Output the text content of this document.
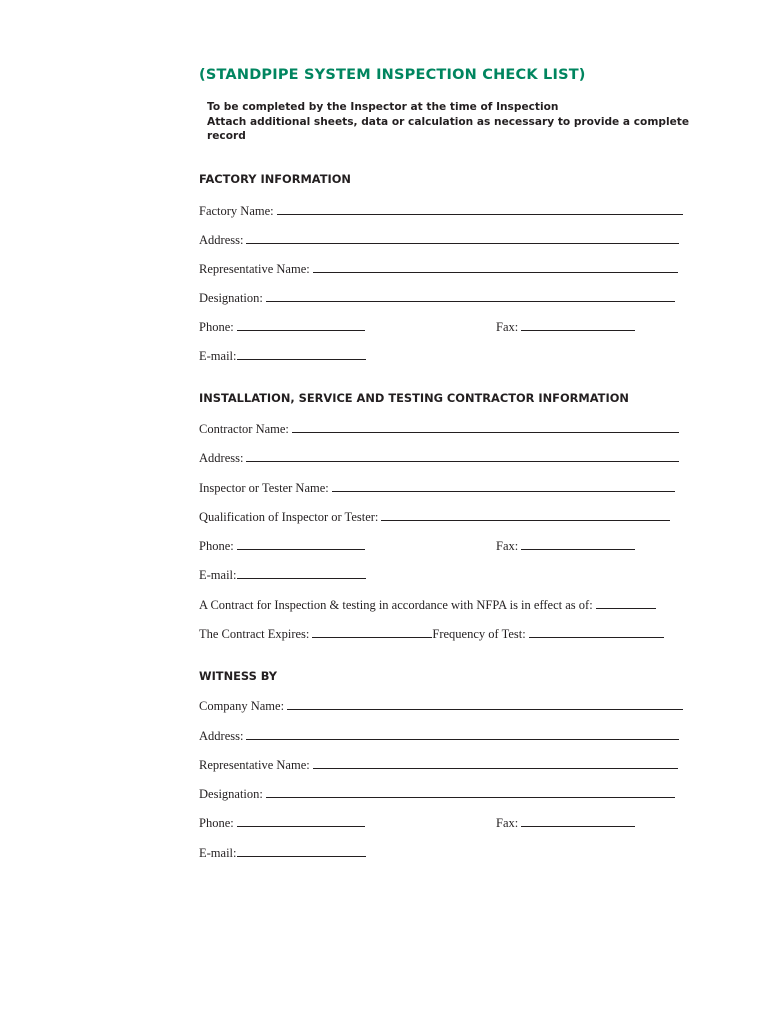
(STANDPIPE SYSTEM INSPECTION CHECK LIST)
To be completed by the Inspector at the time of Inspection
Attach additional sheets, data or calculation as necessary to provide a complete
record
FACTORY INFORMATION
Factory Name:
Address:
Representative Name:
Designation:
Phone:	Fax:
E-mail:
INSTALLATION, SERVICE AND TESTING CONTRACTOR INFORMATION
Contractor Name:
Address:
Inspector or Tester Name:
Qualification of Inspector or Tester:
Phone:	Fax:
E-mail:
A Contract for Inspection & testing in accordance with NFPA is in effect as of:
The Contract Expires:	Frequency of Test:
WITNESS BY
Company Name:
Address:
Representative Name:
Designation:
Phone:	Fax:
E-mail:
